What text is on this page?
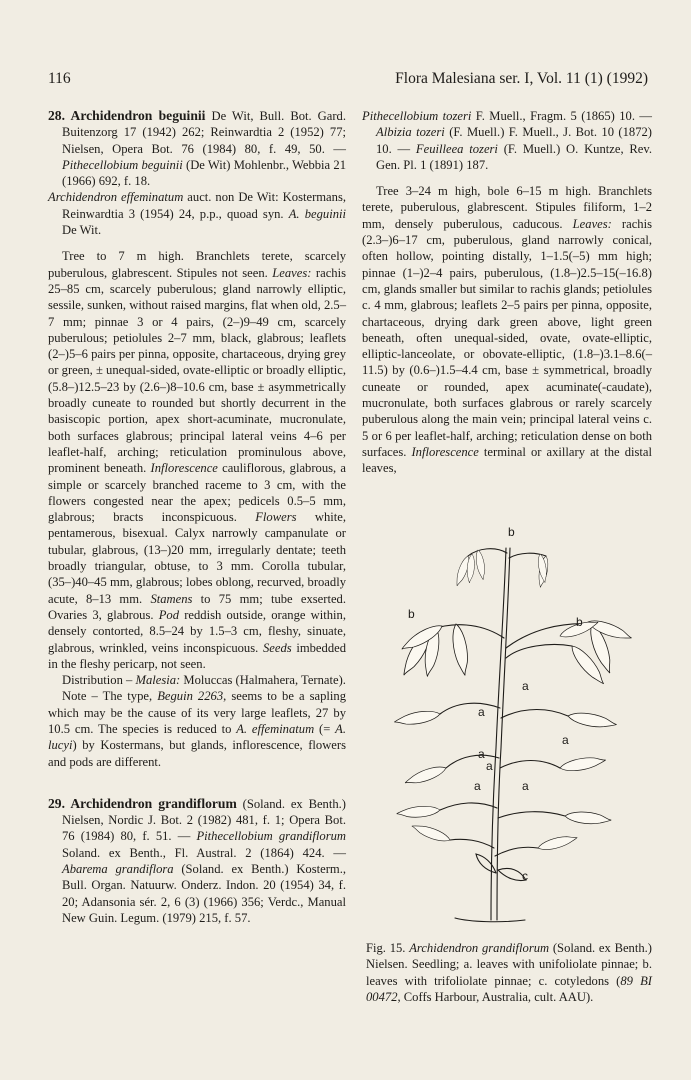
116	Flora Malesiana ser. I, Vol. 11 (1) (1992)

28. Archidendron beguinii De Wit, Bull. Bot. Gard. Buitenzorg 17 (1942) 262; Reinwardtia 2 (1952) 77; Nielsen, Opera Bot. 76 (1984) 80, f. 49, 50. — Pithecellobium beguinii (De Wit) Mohlenbr., Webbia 21 (1966) 692, f. 18.

Archidendron effeminatum auct. non De Wit: Kostermans, Reinwardtia 3 (1954) 24, p.p., quoad syn. A. beguinii De Wit.

Tree to 7 m high. Branchlets terete, scarcely puberulous, glabrescent. Stipules not seen. Leaves: rachis 25–85 cm, scarcely puberulous; gland narrowly elliptic, sessile, sunken, without raised margins, flat when old, 2.5–7 mm; pinnae 3 or 4 pairs, (2–)9–49 cm, scarcely puberulous; petiolules 2–7 mm, black, glabrous; leaflets (2–)5–6 pairs per pinna, opposite, chartaceous, drying grey or green, ± unequal-sided, ovate-elliptic or broadly elliptic, (5.8–)12.5–23 by (2.6–)8–10.6 cm, base ± asymmetrically broadly cuneate to rounded but shortly decurrent in the basiscopic portion, apex short-acuminate, mucronulate, both surfaces glabrous; principal lateral veins 4–6 per leaflet-half, arching; reticulation prominulous above, prominent beneath. Inflorescence cauliflorous, glabrous, a simple or scarcely branched raceme to 3 cm, with the flowers congested near the apex; pedicels 0.5–5 mm, glabrous; bracts inconspicuous. Flowers white, pentamerous, bisexual. Calyx narrowly campanulate or tubular, glabrous, (13–)20 mm, irregularly dentate; teeth broadly triangular, obtuse, to 3 mm. Corolla tubular, (35–)40–45 mm, glabrous; lobes oblong, recurved, broadly acute, 8–13 mm. Stamens to 75 mm; tube exserted. Ovaries 3, glabrous. Pod reddish outside, orange within, densely contorted, 8.5–24 by 1.5–3 cm, fleshy, sinuate, glabrous, wrinkled, veins inconspicuous. Seeds imbedded in the fleshy pericarp, not seen.

Distribution – Malesia: Moluccas (Halmahera, Ternate).

Note – The type, Beguin 2263, seems to be a sapling which may be the cause of its very large leaflets, 27 by 10.5 cm. The species is reduced to A. effeminatum (= A. lucyi) by Kostermans, but glands, inflorescence, flowers and pods are different.

29. Archidendron grandiflorum (Soland. ex Benth.) Nielsen, Nordic J. Bot. 2 (1982) 481, f. 1; Opera Bot. 76 (1984) 80, f. 51. — Pithecellobium grandiflorum Soland. ex Benth., Fl. Austral. 2 (1864) 424. — Abarema grandiflora (Soland. ex Benth.) Kosterm., Bull. Organ. Natuurw. Onderz. Indon. 20 (1954) 34, f. 20; Adansonia sér. 2, 6 (3) (1966) 356; Verdc., Manual New Guin. Legum. (1979) 215, f. 57.

Pithecellobium tozeri F. Muell., Fragm. 5 (1865) 10. — Albizia tozeri (F. Muell.) F. Muell., J. Bot. 10 (1872) 10. — Feuilleea tozeri (F. Muell.) O. Kuntze, Rev. Gen. Pl. 1 (1891) 187.

Tree 3–24 m high, bole 6–15 m high. Branchlets terete, puberulous, glabrescent. Stipules filiform, 1–2 mm, densely puberulous, caducous. Leaves: rachis (2.3–)6–17 cm, puberulous, gland narrowly conical, often hollow, pointing distally, 1–1.5(–5) mm high; pinnae (1–)2–4 pairs, puberulous, (1.8–)2.5–15(–16.8) cm, glands smaller but similar to rachis glands; petiolules c. 4 mm, glabrous; leaflets 2–5 pairs per pinna, opposite, chartaceous, drying dark green above, light green beneath, often unequal-sided, ovate, ovate-elliptic, elliptic-lanceolate, or obovate-elliptic, (1.8–)3.1–8.6(–11.5) by (0.6–)1.5–4.4 cm, base ± symmetrical, broadly cuneate or rounded, apex acuminate(-caudate), mucronulate, both surfaces glabrous or rarely scarcely puberulous along the main vein; principal lateral veins c. 5 or 6 per leaflet-half, arching; reticulation dense on both surfaces. Inflorescence terminal or axillary at the distal leaves,

b
b
b
a
a
a
a
a
a	a
c

Fig. 15. Archidendron grandiflorum (Soland. ex Benth.) Nielsen. Seedling; a. leaves with unifoliolate pinnae; b. leaves with trifoliolate pinnae; c. cotyledons (89 BI 00472, Coffs Harbour, Australia, cult. AAU).
